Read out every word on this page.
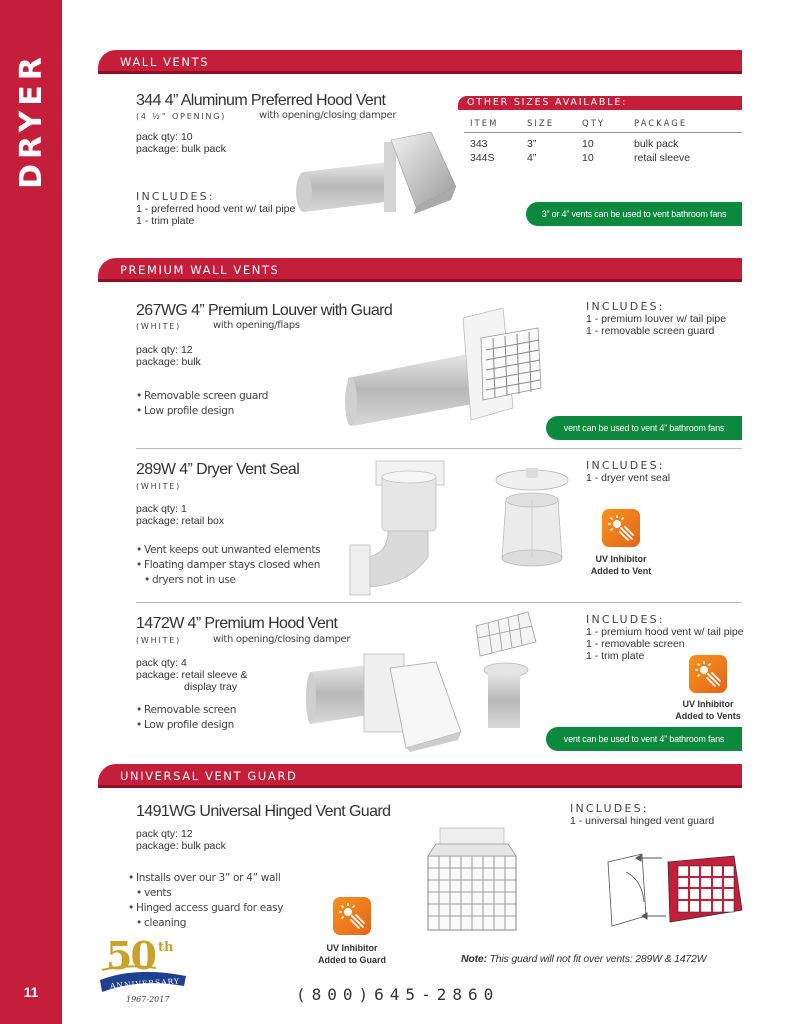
DRYER
11
WALL VENTS
344 4” Aluminum Preferred Hood Vent
(4 ½” OPENING)	with opening/closing damper
pack qty: 10
package: bulk pack
INCLUDES:
1 - preferred hood vent w/ tail pipe
1 - trim plate
OTHER SIZES AVAILABLE:
ITEM	SIZE	QTY	PACKAGE
343	3”	10	bulk pack
344S	4”	10	retail sleeve
3” or 4” vents can be used to vent bathroom fans
PREMIUM WALL VENTS
267WG 4” Premium Louver with Guard
(WHITE)	with opening/flaps
pack qty: 12
package: bulk
• Removable screen guard
• Low profile design
INCLUDES:
1 - premium louver w/ tail pipe
1 - removable screen guard
vent can be used to vent 4” bathroom fans
289W 4” Dryer Vent Seal
(WHITE)
pack qty: 1
package: retail box
• Vent keeps out unwanted elements
• Floating damper stays closed when
• dryers not in use
INCLUDES:
1 - dryer vent seal
UV Inhibitor
Added to Vent
1472W 4” Premium Hood Vent
(WHITE)	with opening/closing damper
pack qty: 4
package: retail sleeve &
display tray
• Removable screen
• Low profile design
INCLUDES:
1 - premium hood vent w/ tail pipe
1 - removable screen
1 - trim plate
UV Inhibitor
Added to Vents
vent can be used to vent 4” bathroom fans
UNIVERSAL VENT GUARD
1491WG Universal Hinged Vent Guard
pack qty: 12
package: bulk pack
• Installs over our 3” or 4” wall
• vents
• Hinged access guard for easy
• cleaning
INCLUDES:
1 - universal hinged vent guard
UV Inhibitor
Added to Guard	Note: This guard will not fit over vents: 289W & 1472W
50 th
ANNIVERSARY
1967-2017	(800)645-2860
